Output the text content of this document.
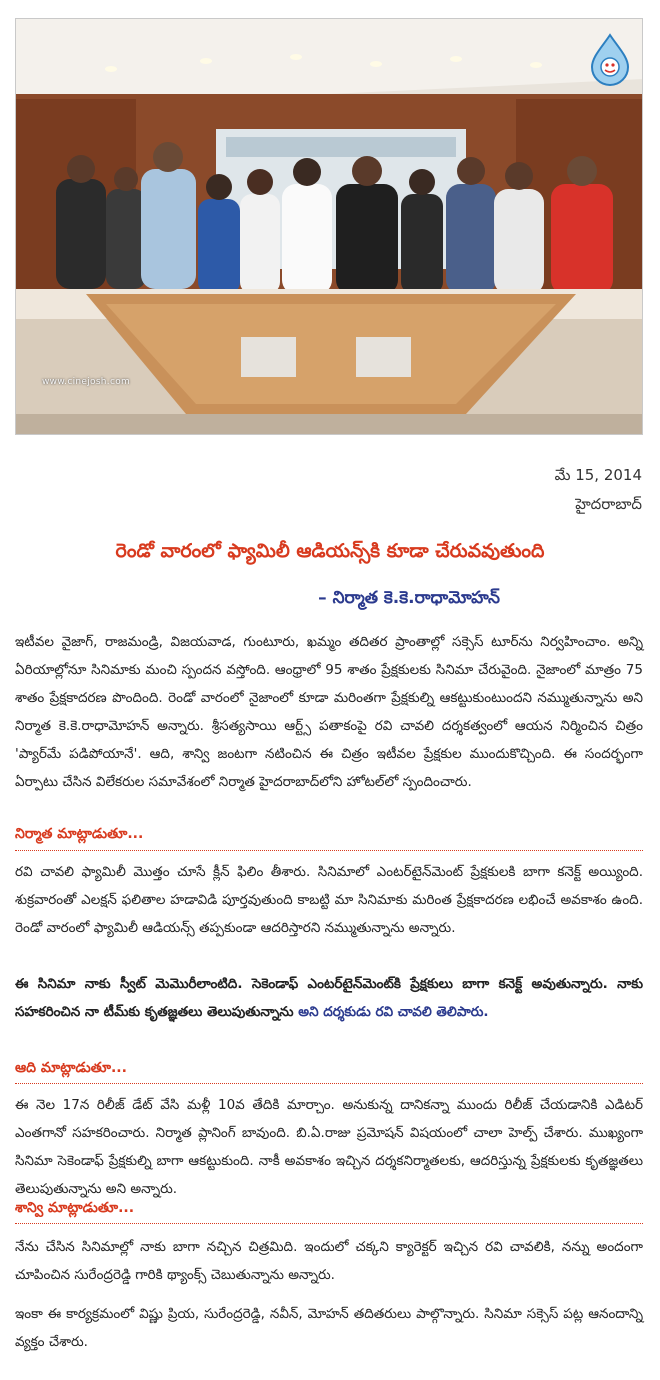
www.cinejosh.com
మే 15, 2014
హైదరాబాద్
రెండో వారంలో ఫ్యామిలీ ఆడియన్స్‌కి కూడా చేరువవుతుంది
– నిర్మాత కె.కె.రాధామోహన్

ఇటీవల వైజాగ్, రాజమండ్రి, విజయవాడ, గుంటూరు, ఖమ్మం తదితర ప్రాంతాల్లో సక్సెస్ టూర్‌ను నిర్వహించాం. అన్ని ఏరియాల్లోనూ సినిమాకు మంచి స్పందన వస్తోంది. ఆంధ్రాలో 95 శాతం ప్రేక్షకులకు సినిమా చేరువైంది. నైజాంలో మాత్రం 75 శాతం ప్రేక్షకాదరణ పొందింది. రెండో వారంలో నైజాంలో కూడా మరింతగా ప్రేక్షకుల్ని ఆకట్టుకుంటుందని నమ్ముతున్నాను అని నిర్మాత కె.కె.రాధామోహన్ అన్నారు. శ్రీసత్యసాయి ఆర్ట్స్ పతాకంపై రవి చావలి దర్శకత్వంలో ఆయన నిర్మించిన చిత్రం 'ప్యార్‌మే పడిపోయానే'. ఆది, శాన్వి జంటగా నటించిన ఈ చిత్రం ఇటీవల ప్రేక్షకుల ముందుకొచ్చింది. ఈ సందర్భంగా ఏర్పాటు చేసిన విలేకరుల సమావేశంలో నిర్మాత హైదరాబాద్‌లోని హోటల్‌లో స్పందించారు.

నిర్మాత మాట్లాడుతూ...

రవి చావలి ఫ్యామిలీ మొత్తం చూసే క్లీన్ ఫిలిం తీశారు. సినిమాలో ఎంటర్‌టైన్‌మెంట్ ప్రేక్షకులకి బాగా కనెక్ట్ అయ్యింది. శుక్రవారంతో ఎలక్షన్ ఫలితాల హడావిడి పూర్తవుతుంది కాబట్టి మా సినిమాకు మరింత ప్రేక్షకాదరణ లభించే అవకాశం ఉంది. రెండో వారంలో ఫ్యామిలీ ఆడియన్స్ తప్పకుండా ఆదరిస్తారని నమ్ముతున్నాను అన్నారు.

ఈ సినిమా నాకు స్వీట్ మెమొరీలాంటిది. సెకెండాఫ్ ఎంటర్‌టైన్‌మెంట్‌కి ప్రేక్షకులు బాగా కనెక్ట్ అవుతున్నారు. నాకు సహకరించిన నా టీమ్‌కు కృతజ్ఞతలు తెలుపుతున్నాను అని దర్శకుడు రవి చావలి తెలిపారు.

ఆది మాట్లాడుతూ...

ఈ నెల 17న రిలీజ్ డేట్ వేసి మళ్లీ 10వ తేదికి మార్చాం. అనుకున్న దానికన్నా ముందు రిలీజ్ చేయడానికి ఎడిటర్ ఎంతగానో సహకరించారు. నిర్మాత ప్లానింగ్ బావుంది. బి.ఏ.రాజు ప్రమోషన్ విషయంలో చాలా హెల్ప్ చేశారు. ముఖ్యంగా సినిమా సెకెండాఫ్ ప్రేక్షకుల్ని బాగా ఆకట్టుకుంది. నాకీ అవకాశం ఇచ్చిన దర్శకనిర్మాతలకు, ఆదరిస్తున్న ప్రేక్షకులకు కృతజ్ఞతలు తెలుపుతున్నాను అని అన్నారు.

శాన్వి మాట్లాడుతూ...

నేను చేసిన సినిమాల్లో నాకు బాగా నచ్చిన చిత్రమిది. ఇందులో చక్కని క్యారెక్టర్ ఇచ్చిన రవి చావలికి, నన్ను అందంగా చూపించిన సురేంద్రరెడ్డి గారికి థ్యాంక్స్ చెబుతున్నాను అన్నారు.

ఇంకా ఈ కార్యక్రమంలో విష్ణు ప్రియ, సురేంద్రరెడ్డి, నవీన్, మోహన్ తదితరులు పాల్గొన్నారు. సినిమా సక్సెస్ పట్ల ఆనందాన్ని వ్యక్తం చేశారు.
